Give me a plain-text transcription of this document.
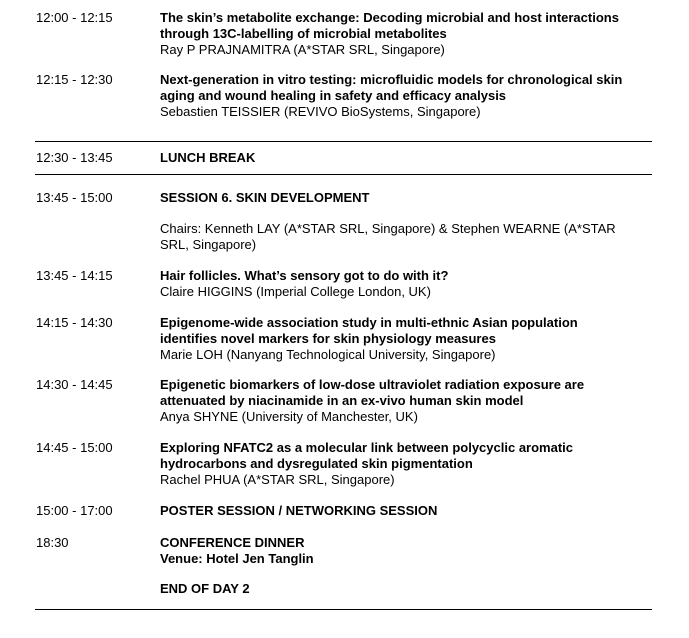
12:00 - 12:15	The skin’s metabolite exchange: Decoding microbial and host interactions
through 13C-labelling of microbial metabolites
Ray P PRAJNAMITRA (A*STAR SRL, Singapore)
12:15 - 12:30	Next-generation in vitro testing: microfluidic models for chronological skin
aging and wound healing in safety and efficacy analysis
Sebastien TEISSIER (REVIVO BioSystems, Singapore)
12:30 - 13:45	LUNCH BREAK
13:45 - 15:00	SESSION 6. SKIN DEVELOPMENT
Chairs: Kenneth LAY (A*STAR SRL, Singapore) & Stephen WEARNE (A*STAR
SRL, Singapore)
13:45 - 14:15	Hair follicles. What’s sensory got to do with it?
Claire HIGGINS (Imperial College London, UK)
14:15 - 14:30	Epigenome-wide association study in multi-ethnic Asian population
identifies novel markers for skin physiology measures
Marie LOH (Nanyang Technological University, Singapore)
14:30 - 14:45	Epigenetic biomarkers of low-dose ultraviolet radiation exposure are
attenuated by niacinamide in an ex-vivo human skin model
Anya SHYNE (University of Manchester, UK)
14:45 - 15:00	Exploring NFATC2 as a molecular link between polycyclic aromatic
hydrocarbons and dysregulated skin pigmentation
Rachel PHUA (A*STAR SRL, Singapore)
15:00 - 17:00	POSTER SESSION / NETWORKING SESSION
18:30	CONFERENCE DINNER
Venue: Hotel Jen Tanglin
END OF DAY 2
